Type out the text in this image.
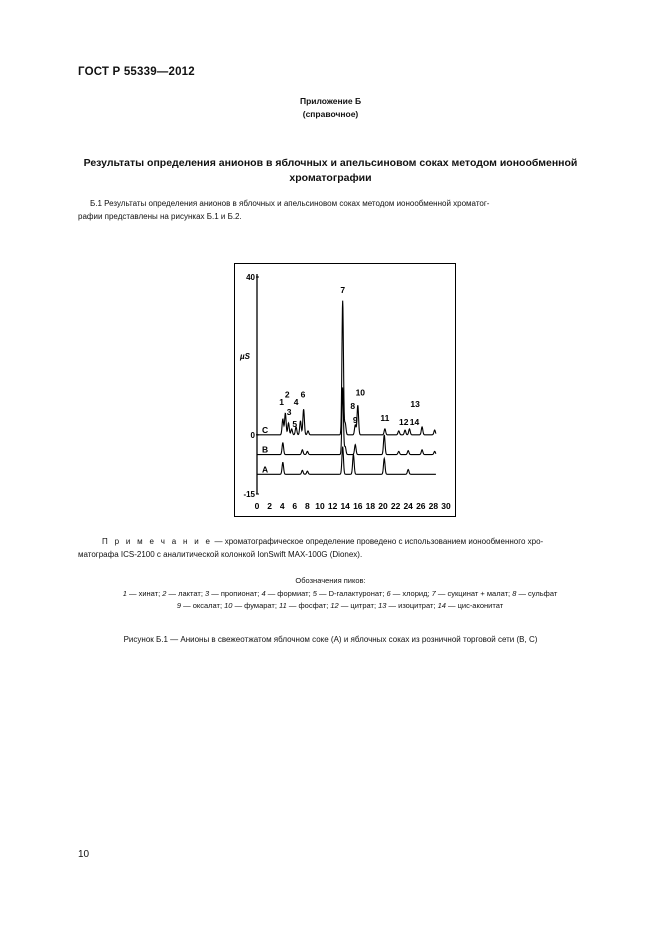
ГОСТ Р 55339—2012
Приложение Б
(справочное)
Результаты определения анионов в яблочных и апельсиновом соках методом ионообменной
хроматографии
Б.1 Результаты определения анионов в яблочных и апельсиновом соках методом ионообменной хроматог-
рафии представлены на рисунках Б.1 и Б.2.
40
0
-15
µS
0 2 4 6 8 10 12 14 16 18 20 22 24 26 28 30
C
B
A
7
1
2
3
4
5
6
8
9
10
11 12
13
14
П р и м е ч а н и е — хроматографическое определение проведено с использованием ионообменного хро-
матографа ICS-2100 с аналитической колонкой IonSwift MAX-100G (Dionex).
Обозначения пиков:
1 — хинат; 2 — лактат; 3 — пропионат; 4 — формиат; 5 — D-галактуронат; 6 — хлорид; 7 — сукцинат + малат; 8 — сульфат
9 — оксалат; 10 — фумарат; 11 — фосфат; 12 — цитрат; 13 — изоцитрат; 14 — цис-аконитат
Рисунок Б.1 — Анионы в свежеотжатом яблочном соке (А) и яблочных соках из розничной торговой сети (В, С)
10
